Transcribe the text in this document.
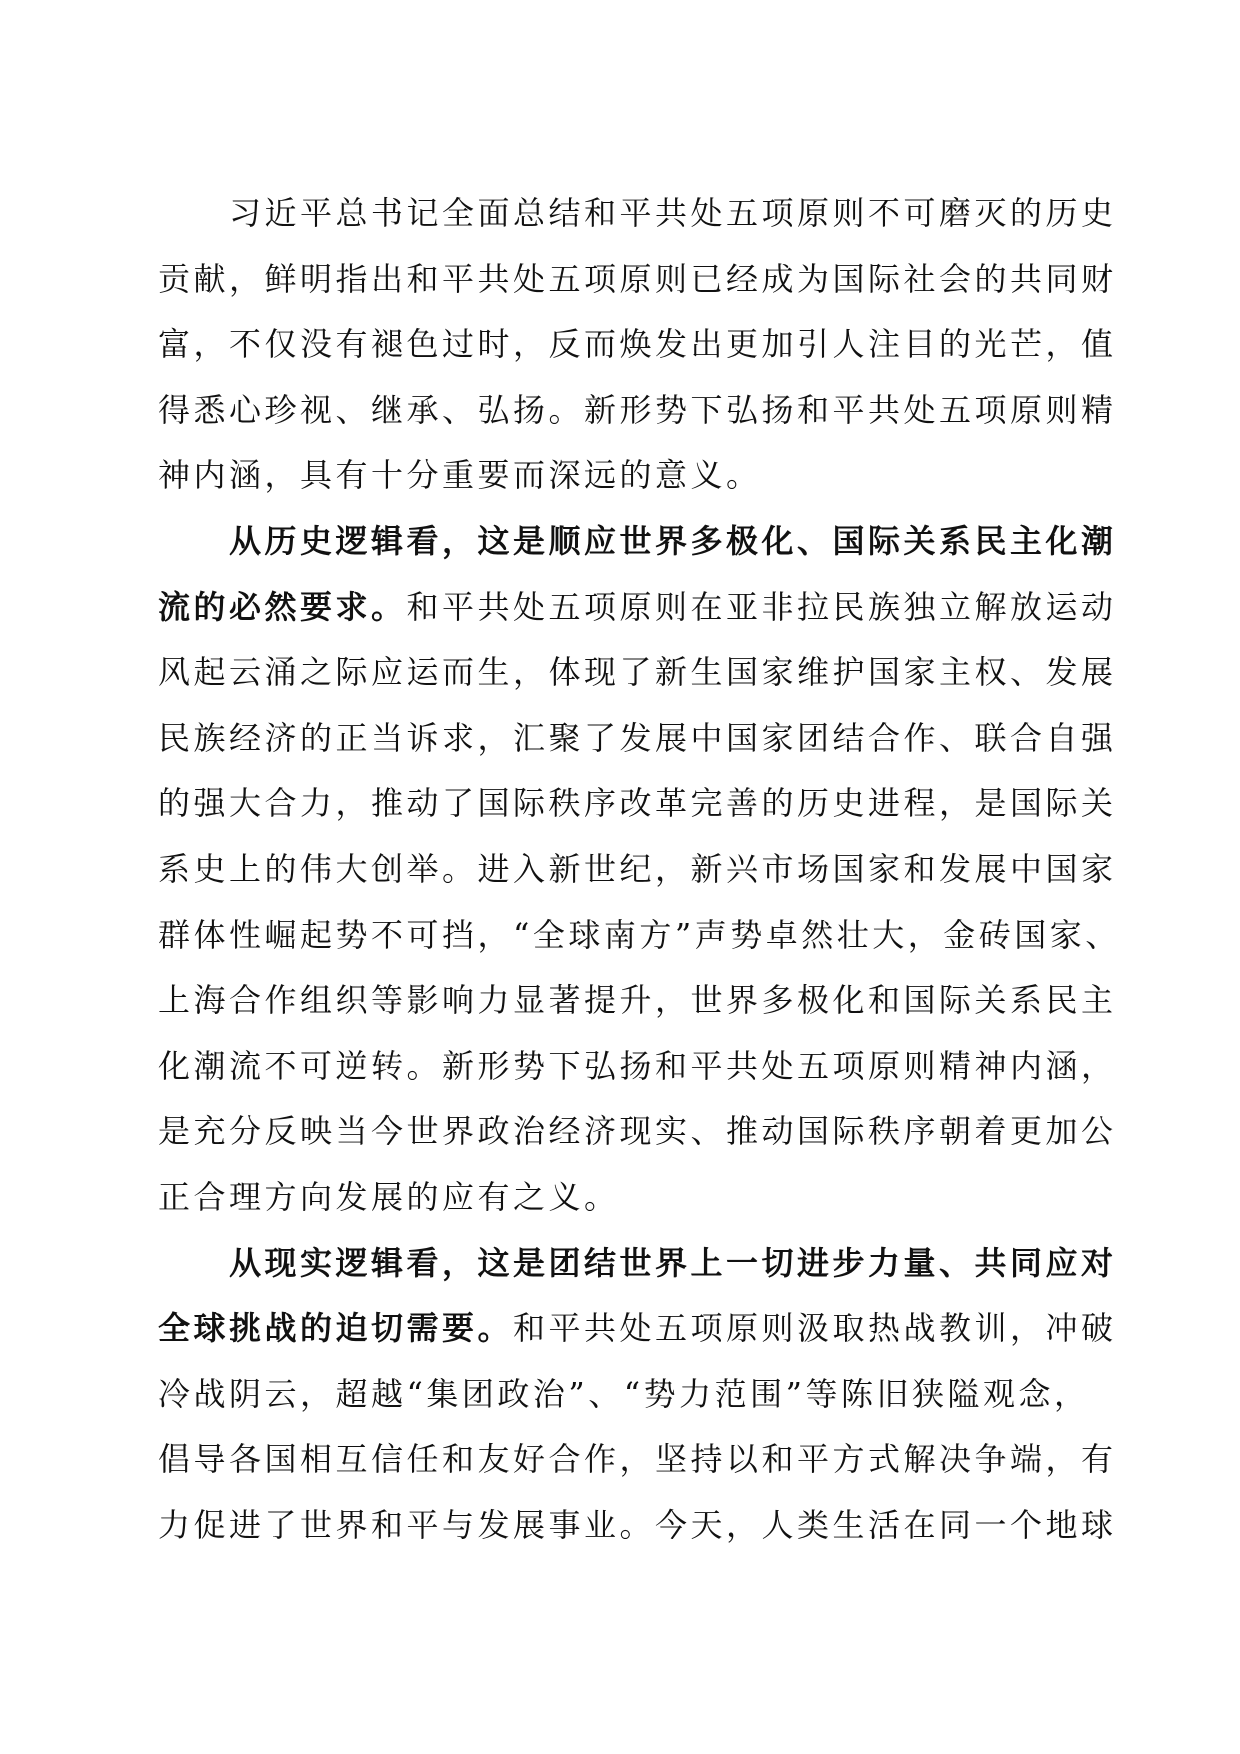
习近平总书记全面总结和平共处五项原则不可磨灭的历史
贡献，鲜明指出和平共处五项原则已经成为国际社会的共同财
富，不仅没有褪色过时，反而焕发出更加引人注目的光芒，值
得悉心珍视、继承、弘扬。新形势下弘扬和平共处五项原则精
神内涵，具有十分重要而深远的意义。
从历史逻辑看，这是顺应世界多极化、国际关系民主化潮
流的必然要求。和平共处五项原则在亚非拉民族独立解放运动
风起云涌之际应运而生，体现了新生国家维护国家主权、发展
民族经济的正当诉求，汇聚了发展中国家团结合作、联合自强
的强大合力，推动了国际秩序改革完善的历史进程，是国际关
系史上的伟大创举。进入新世纪，新兴市场国家和发展中国家
群体性崛起势不可挡，“全球南方”声势卓然壮大，金砖国家、
上海合作组织等影响力显著提升，世界多极化和国际关系民主
化潮流不可逆转。新形势下弘扬和平共处五项原则精神内涵，
是充分反映当今世界政治经济现实、推动国际秩序朝着更加公
正合理方向发展的应有之义。
从现实逻辑看，这是团结世界上一切进步力量、共同应对
全球挑战的迫切需要。和平共处五项原则汲取热战教训，冲破
冷战阴云，超越“集团政治”、“势力范围”等陈旧狭隘观念，
倡导各国相互信任和友好合作，坚持以和平方式解决争端，有
力促进了世界和平与发展事业。今天，人类生活在同一个地球
